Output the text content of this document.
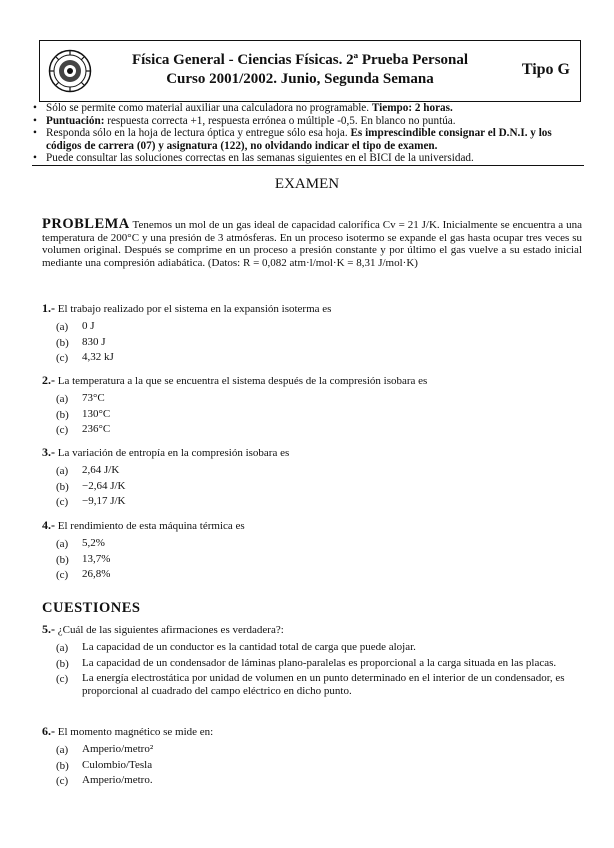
Física General - Ciencias Físicas. 2ª Prueba Personal
Curso 2001/2002. Junio, Segunda Semana
Tipo G
• Sólo se permite como material auxiliar una calculadora no programable. Tiempo: 2 horas.
• Puntuación: respuesta correcta +1, respuesta errónea o múltiple -0,5. En blanco no puntúa.
• Responda sólo en la hoja de lectura óptica y entregue sólo esa hoja. Es imprescindible consignar el D.N.I. y los códigos de carrera (07) y asignatura (122), no olvidando indicar el tipo de examen.
• Puede consultar las soluciones correctas en las semanas siguientes en el BICI de la universidad.
EXAMEN
PROBLEMA Tenemos un mol de un gas ideal de capacidad calorífica Cv = 21 J/K. Inicialmente se encuentra a una temperatura de 200°C y una presión de 3 atmósferas. En un proceso isotermo se expande el gas hasta ocupar tres veces su volumen original. Después se comprime en un proceso a presión constante y por último el gas vuelve a su estado inicial mediante una compresión adiabática. (Datos: R = 0,082 atm·l/mol·K = 8,31 J/mol·K)
1.- El trabajo realizado por el sistema en la expansión isoterma es
(a)	0 J
(b)	830 J
(c)	4,32 kJ
2.- La temperatura a la que se encuentra el sistema después de la compresión isobara es
(a)	73°C
(b)	130°C
(c)	236°C
3.- La variación de entropía en la compresión isobara es
(a)	2,64 J/K
(b)	−2,64 J/K
(c)	−9,17 J/K
4.- El rendimiento de esta máquina térmica es
(a)	5,2%
(b)	13,7%
(c)	26,8%
CUESTIONES
5.- ¿Cuál de las siguientes afirmaciones es verdadera?:
(a)	La capacidad de un conductor es la cantidad total de carga que puede alojar.
(b)	La capacidad de un condensador de láminas plano-paralelas es proporcional a la carga situada en las placas.
(c)	La energía electrostática por unidad de volumen en un punto determinado en el interior de un condensador, es proporcional al cuadrado del campo eléctrico en dicho punto.
6.- El momento magnético se mide en:
(a)	Amperio/metro²
(b)	Culombio/Tesla
(c)	Amperio/metro.
